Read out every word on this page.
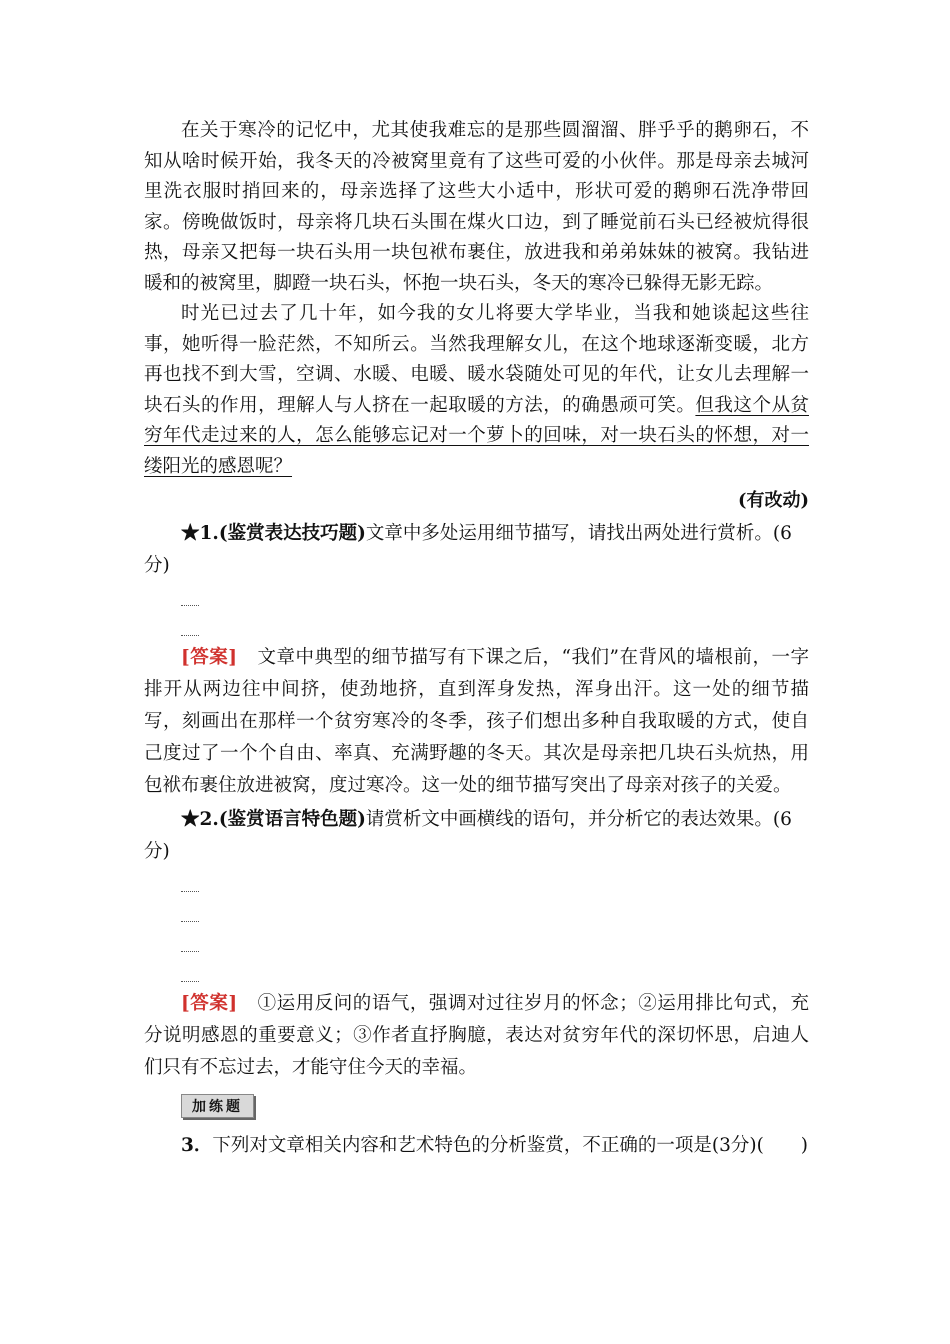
在关于寒冷的记忆中，尤其使我难忘的是那些圆溜溜、胖乎乎的鹅卵石，不知从啥时候开始，我冬天的冷被窝里竟有了这些可爱的小伙伴。那是母亲去城河里洗衣服时捎回来的，母亲选择了这些大小适中，形状可爱的鹅卵石洗净带回家。傍晚做饭时，母亲将几块石头围在煤火口边，到了睡觉前石头已经被炕得很热，母亲又把每一块石头用一块包袱布裹住，放进我和弟弟妹妹的被窝。我钻进暖和的被窝里，脚蹬一块石头，怀抱一块石头，冬天的寒冷已躲得无影无踪。

时光已过去了几十年，如今我的女儿将要大学毕业，当我和她谈起这些往事，她听得一脸茫然，不知所云。当然我理解女儿，在这个地球逐渐变暖，北方再也找不到大雪，空调、水暖、电暖、暖水袋随处可见的年代，让女儿去理解一块石头的作用，理解人与人挤在一起取暖的方法，的确愚顽可笑。但我这个从贫穷年代走过来的人，怎么能够忘记对一个萝卜的回味，对一块石头的怀想，对一缕阳光的感恩呢？

(有改动)

★1.(鉴赏表达技巧题)文章中多处运用细节描写，请找出两处进行赏析。(6分)

[答案] 文章中典型的细节描写有下课之后，“我们”在背风的墙根前，一字排开从两边往中间挤，使劲地挤，直到浑身发热，浑身出汗。这一处的细节描写，刻画出在那样一个贫穷寒冷的冬季，孩子们想出多种自我取暖的方式，使自己度过了一个个自由、率真、充满野趣的冬天。其次是母亲把几块石头炕热，用包袱布裹住放进被窝，度过寒冷。这一处的细节描写突出了母亲对孩子的关爱。

★2.(鉴赏语言特色题)请赏析文中画横线的语句，并分析它的表达效果。(6分)

[答案] ①运用反问的语气，强调对过往岁月的怀念；②运用排比句式，充分说明感恩的重要意义；③作者直抒胸臆，表达对贫穷年代的深切怀思，启迪人们只有不忘过去，才能守住今天的幸福。

加练题

3．下列对文章相关内容和艺术特色的分析鉴赏，不正确的一项是(3分)(　　)
